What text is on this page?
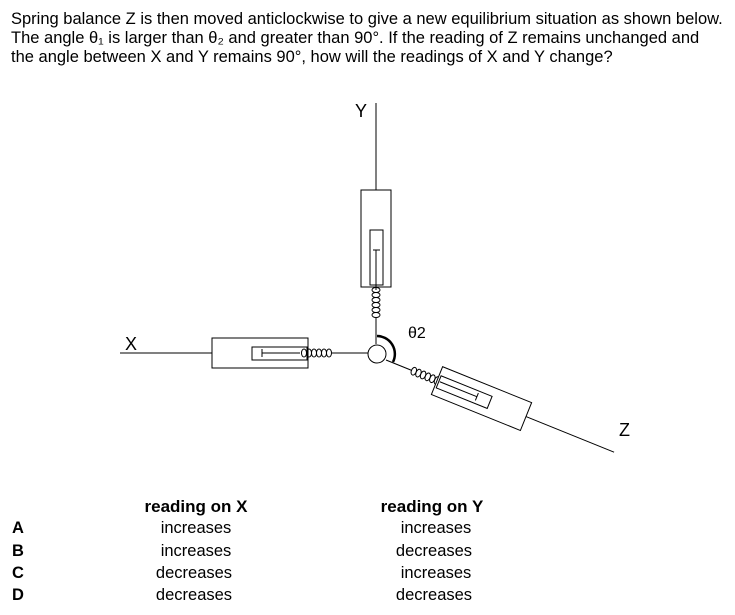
Spring balance Z is then moved anticlockwise to give a new equilibrium situation as shown below. The angle θ₁ is larger than θ₂ and greater than 90°. If the reading of Z remains unchanged and the angle between X and Y remains 90°, how will the readings of X and Y change?

Y
X
Z
θ2
reading on X	reading on Y
A	increases	increases
B	increases	decreases
C	decreases	increases
D	decreases	decreases
